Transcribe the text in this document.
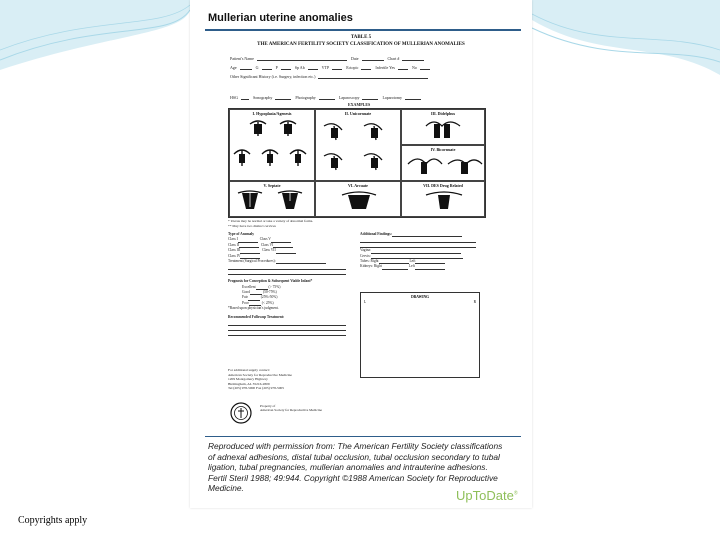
Mullerian uterine anomalies
TABLE 5
THE AMERICAN FERTILITY SOCIETY CLASSIFICATION OF MULLERIAN ANOMALIES
Patient's Name	Date	Chart #
Age	G	P	Sp Ab	VTP	Ectopic	Infertile Yes	No
Other Significant History (i.e. Surgery, infection etc.)
HSG	Sonography	Photography	Laparoscopy	Laparotomy
EXAMPLES
I. Hypoplasia/Agenesis	II. Unicornuate	III. Didelphus
IV. Bicornuate
V. Septate	VI. Arcuate	VII. DES Drug Related
* Uterus may be normal or take a variety of abnormal forms.
** May have two distinct cervices
Type of Anomaly
Class I	Class V
Class II	Class VI
Class III	Class VII
Class IV
Treatment (Surgical Procedures):
Prognosis for Conception & Subsequent Viable Infant*
Excellent	(> 75%)
Good	(50-75%)
Fair	(25%-50%)
Poor	(< 25%)
*Based upon physician's judgment.
Recommended Followup Treatment:
Additional Findings:
Vagina:
Cervix:
Tubes: Right	Left
Kidneys: Right	Left
DRAWING
L	R
For additional supply contact:
American Society for Reproductive Medicine
1209 Montgomery Highway
Birmingham, AL 35216-2809
Tel (205) 978-5000 Fax (205) 978-5005
Property of
American Society for Reproductive Medicine
Reproduced with permission from: The American Fertility Society classifications of adnexal adhesions, distal tubal occlusion, tubal occlusion secondary to tubal ligation, tubal pregnancies, mullerian anomalies and intrauterine adhesions. Fertil Steril 1988; 49:944. Copyright ©1988 American Society for Reproductive Medicine.	UpToDate®
Copyrights apply
